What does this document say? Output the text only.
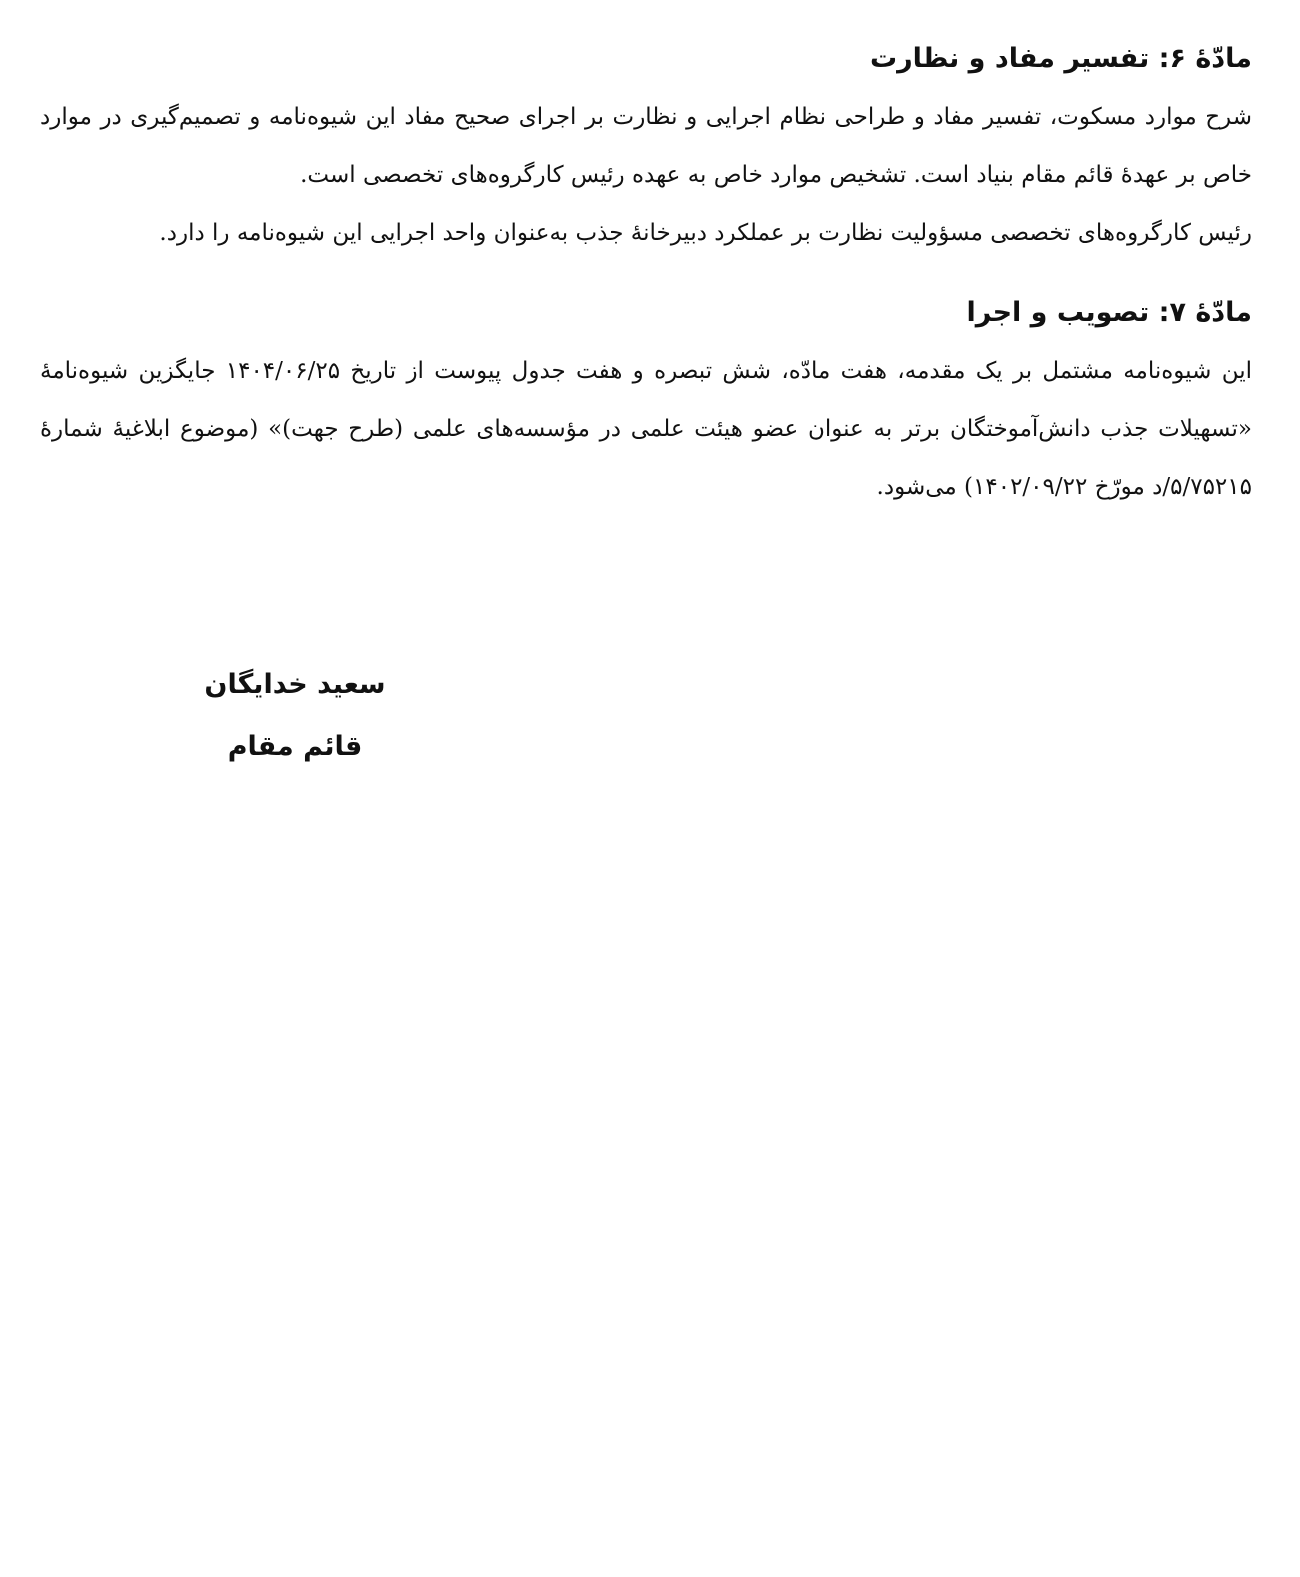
مادّهٔ ۶: تفسیر مفاد و نظارت

شرح موارد مسکوت، تفسیر مفاد و طراحی نظام اجرایی و نظارت بر اجرای صحیح مفاد این شیوه‌نامه و تصمیم‌گیری در موارد خاص بر عهدهٔ قائم مقام بنیاد است. تشخیص موارد خاص به عهده رئیس کارگروه‌های تخصصی است.

رئیس کارگروه‌های تخصصی مسؤولیت نظارت بر عملکرد دبیرخانهٔ جذب به‌عنوان واحد اجرایی این شیوه‌نامه را دارد.

مادّهٔ ۷: تصویب و اجرا

این شیوه‌نامه مشتمل بر یک مقدمه، هفت مادّه، شش تبصره و هفت جدول پیوست از تاریخ ۱۴۰۴/۰۶/۲۵ جایگزین شیوه‌نامهٔ «تسهیلات جذب دانش‌آموختگان برتر به عنوان عضو هیئت علمی در مؤسسه‌های علمی (طرح جهت)» (موضوع ابلاغیهٔ شمارهٔ ۵/۷۵۲۱۵/د مورّخ ۱۴۰۲/۰۹/۲۲) می‌شود.

سعید خدایگان
قائم مقام
